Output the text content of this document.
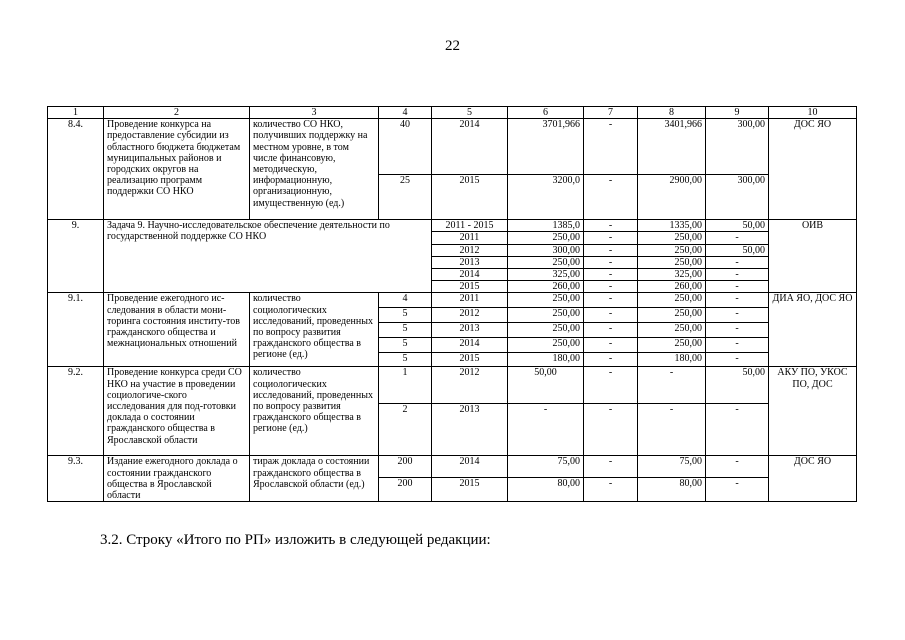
22
1	2	3	4	5	6	7	8	9	10
8.4.	Проведение конкурса на предоставление субсидии из областного бюджета бюджетам муниципальных районов и городских округов на реализацию программ поддержки СО НКО	количество СО НКО, получивших поддержку на местном уровне, в том числе финансовую, методическую, информационную, организационную, имущественную (ед.)	40	2014	3701,966	-	3401,966	300,00	ДОС ЯО
			25	2015	3200,0	-	2900,00	300,00	
9.	Задача 9. Научно-исследовательское обеспечение деятельности по государственной поддержке СО НКО			2011 - 2015	1385,0	-	1335,00	50,00	ОИВ
				2011	250,00	-	250,00	-	
				2012	300,00	-	250,00	50,00	
				2013	250,00	-	250,00	-	
				2014	325,00	-	325,00	-	
				2015	260,00	-	260,00	-	
9.1.	Проведение ежегодного ис-следования в области мони-торинга состояния институ-тов гражданского общества и межнациональных отношений	количество социологических исследований, проведенных по вопросу развития гражданского общества в регионе (ед.)	4	2011	250,00	-	250,00	-	ДИА ЯО, ДОС ЯО
			5	2012	250,00	-	250,00	-	
			5	2013	250,00	-	250,00	-	
			5	2014	250,00	-	250,00	-	
			5	2015	180,00	-	180,00	-	
9.2.	Проведение конкурса среди СО НКО на участие в проведении социологиче-ского исследования для под-готовки доклада о состоянии гражданского общества в Ярославской области	количество социологических исследований, проведенных по вопросу развития гражданского общества в регионе (ед.)	1	2012	50,00	-	-	50,00	АКУ ПО, УКОС ПО, ДОС
			2	2013	-	-	-	-	
9.3.	Издание ежегодного доклада о состоянии гражданского общества в Ярославской области	тираж доклада о состоянии гражданского общества в Ярославской области (ед.)	200	2014	75,00	-	75,00	-	ДОС ЯО
			200	2015	80,00	-	80,00	-	
3.2. Строку «Итого по РП» изложить в следующей редакции:
